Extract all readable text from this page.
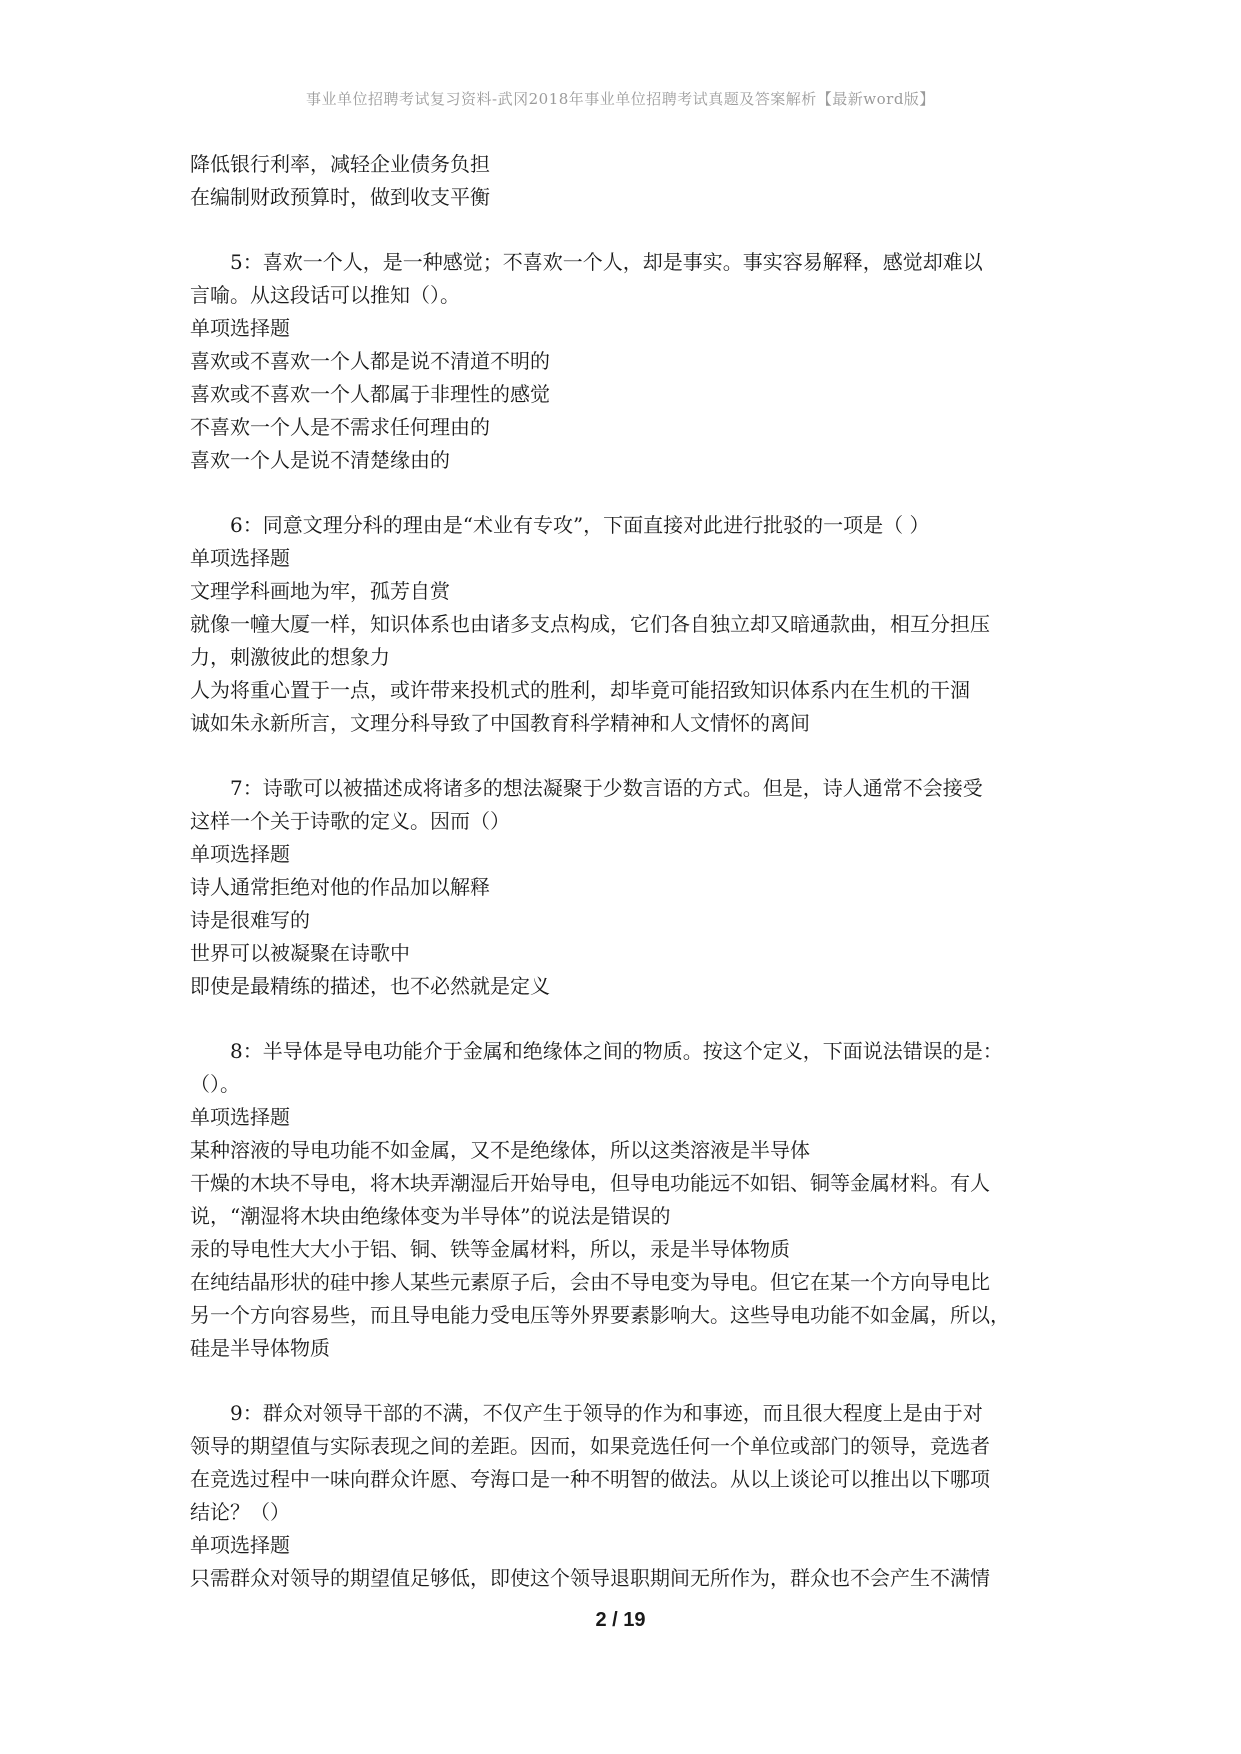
事业单位招聘考试复习资料-武冈2018年事业单位招聘考试真题及答案解析【最新word版】
降低银行利率，减轻企业债务负担
在编制财政预算时，做到收支平衡
5：喜欢一个人，是一种感觉；不喜欢一个人，却是事实。事实容易解释，感觉却难以
言喻。从这段话可以推知（）。
单项选择题
喜欢或不喜欢一个人都是说不清道不明的
喜欢或不喜欢一个人都属于非理性的感觉
不喜欢一个人是不需求任何理由的
喜欢一个人是说不清楚缘由的
6：同意文理分科的理由是“术业有专攻”，下面直接对此进行批驳的一项是（ ）
单项选择题
文理学科画地为牢，孤芳自赏
就像一幢大厦一样，知识体系也由诸多支点构成，它们各自独立却又暗通款曲，相互分担压
力，刺激彼此的想象力
人为将重心置于一点，或许带来投机式的胜利，却毕竟可能招致知识体系内在生机的干涸
诚如朱永新所言，文理分科导致了中国教育科学精神和人文情怀的离间
7：诗歌可以被描述成将诸多的想法凝聚于少数言语的方式。但是，诗人通常不会接受
这样一个关于诗歌的定义。因而（）
单项选择题
诗人通常拒绝对他的作品加以解释
诗是很难写的
世界可以被凝聚在诗歌中
即使是最精练的描述，也不必然就是定义
8：半导体是导电功能介于金属和绝缘体之间的物质。按这个定义，下面说法错误的是：
（）。
单项选择题
某种溶液的导电功能不如金属，又不是绝缘体，所以这类溶液是半导体
干燥的木块不导电，将木块弄潮湿后开始导电，但导电功能远不如铝、铜等金属材料。有人
说，“潮湿将木块由绝缘体变为半导体”的说法是错误的
汞的导电性大大小于铝、铜、铁等金属材料，所以，汞是半导体物质
在纯结晶形状的硅中掺人某些元素原子后，会由不导电变为导电。但它在某一个方向导电比
另一个方向容易些，而且导电能力受电压等外界要素影响大。这些导电功能不如金属，所以，
硅是半导体物质
9：群众对领导干部的不满，不仅产生于领导的作为和事迹，而且很大程度上是由于对
领导的期望值与实际表现之间的差距。因而，如果竞选任何一个单位或部门的领导，竞选者
在竞选过程中一味向群众许愿、夸海口是一种不明智的做法。从以上谈论可以推出以下哪项
结论？（）
单项选择题
只需群众对领导的期望值足够低，即使这个领导退职期间无所作为，群众也不会产生不满情
2 / 19
